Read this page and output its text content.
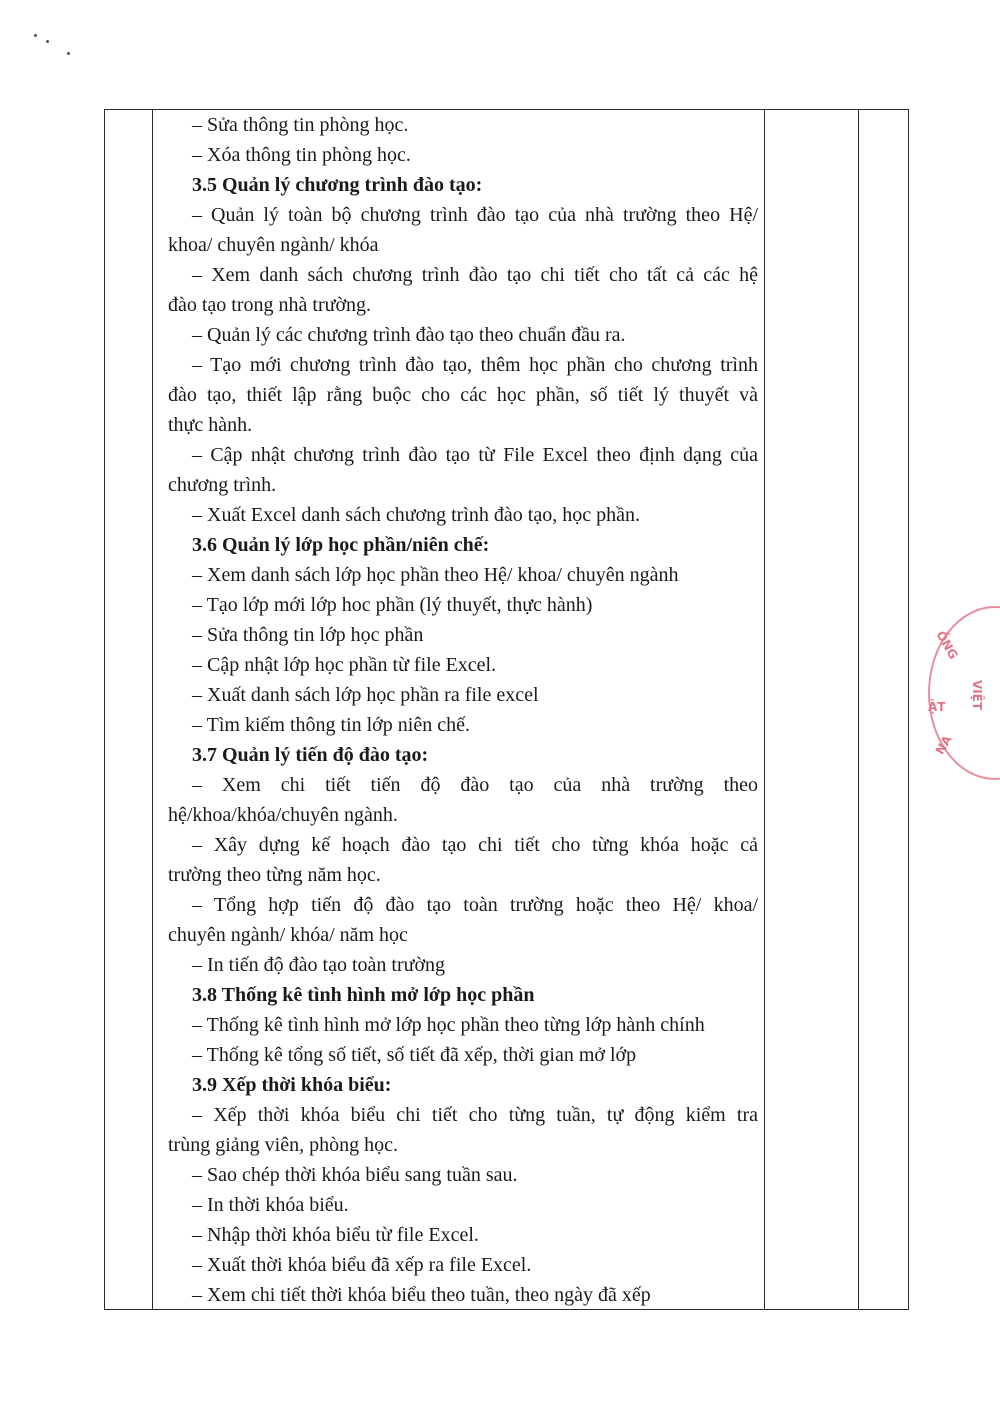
– Sửa thông tin phòng học.
– Xóa thông tin phòng học.
3.5 Quản lý chương trình đào tạo:
– Quản lý toàn bộ chương trình đào tạo của nhà trường theo Hệ/
khoa/ chuyên ngành/ khóa
– Xem danh sách chương trình đào tạo chi tiết cho tất cả các hệ
đào tạo trong nhà trường.
– Quản lý các chương trình đào tạo theo chuẩn đầu ra.
– Tạo mới chương trình đào tạo, thêm học phần cho chương trình
đào tạo, thiết lập rằng buộc cho các học phần, số tiết lý thuyết và
thực hành.
– Cập nhật chương trình đào tạo từ File Excel theo định dạng của
chương trình.
– Xuất Excel danh sách chương trình đào tạo, học phần.
3.6 Quản lý lớp học phần/niên chế:
– Xem danh sách lớp học phần theo Hệ/ khoa/ chuyên ngành
– Tạo lớp mới lớp hoc phần (lý thuyết, thực hành)
– Sửa thông tin lớp học phần
– Cập nhật lớp học phần từ file Excel.
– Xuất danh sách lớp học phần ra file excel
– Tìm kiếm thông tin lớp niên chế.
3.7 Quản lý tiến độ đào tạo:
– Xem chi tiết tiến độ đào tạo của nhà trường theo
hệ/khoa/khóa/chuyên ngành.
– Xây dựng kế hoạch đào tạo chi tiết cho từng khóa hoặc cả
trường theo từng năm học.
– Tổng hợp tiến độ đào tạo toàn trường hoặc theo Hệ/ khoa/
chuyên ngành/ khóa/ năm học
– In tiến độ đào tạo toàn trường
3.8 Thống kê tình hình mở lớp học phần
– Thống kê tình hình mở lớp học phần theo từng lớp hành chính
– Thống kê tổng số tiết, số tiết đã xếp, thời gian mở lớp
3.9 Xếp thời khóa biểu:
– Xếp thời khóa biểu chi tiết cho từng tuần, tự động kiểm tra
trùng giảng viên, phòng học.
– Sao chép thời khóa biểu sang tuần sau.
– In thời khóa biểu.
– Nhập thời khóa biểu từ file Excel.
– Xuất thời khóa biểu đã xếp ra file Excel.
– Xem chi tiết thời khóa biểu theo tuần, theo ngày đã xếp
ỒNG
VIỆT
ẬT
NA
